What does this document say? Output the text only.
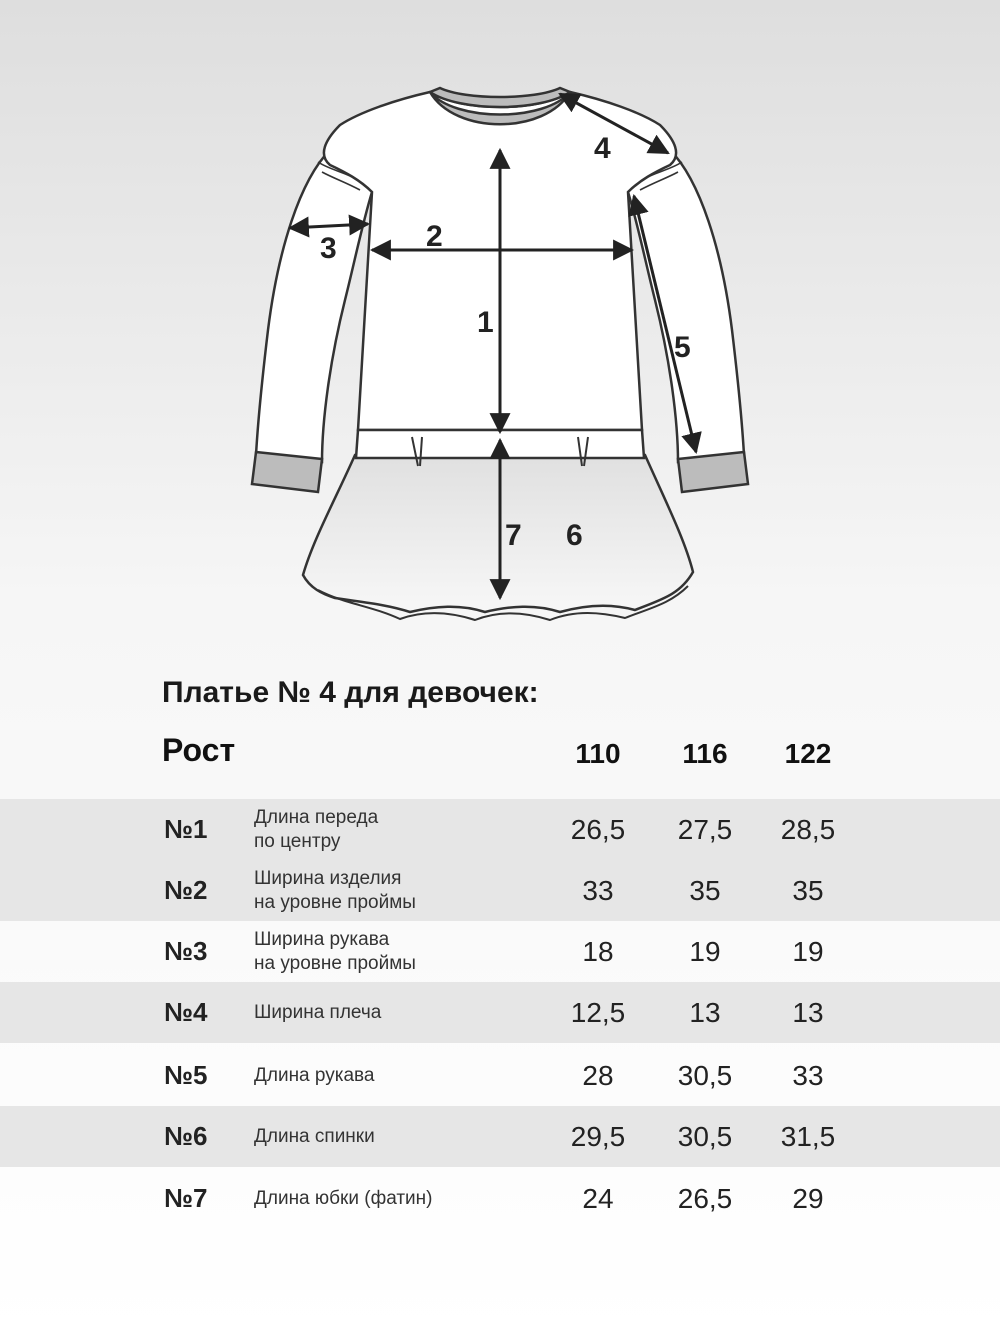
1
2
3
4
5
6
7
Платье № 4 для девочек:
Рост	110	116	122
№1 Длина переда
по центру	26,5	27,5	28,5
№2 Ширина изделия
на уровне проймы	33	35	35
№3 Ширина рукава
на уровне проймы	18	19	19
№4 Ширина плеча	12,5	13	13
№5 Длина рукава	28	30,5	33
№6 Длина спинки	29,5	30,5	31,5
№7 Длина юбки (фатин)	24	26,5	29
